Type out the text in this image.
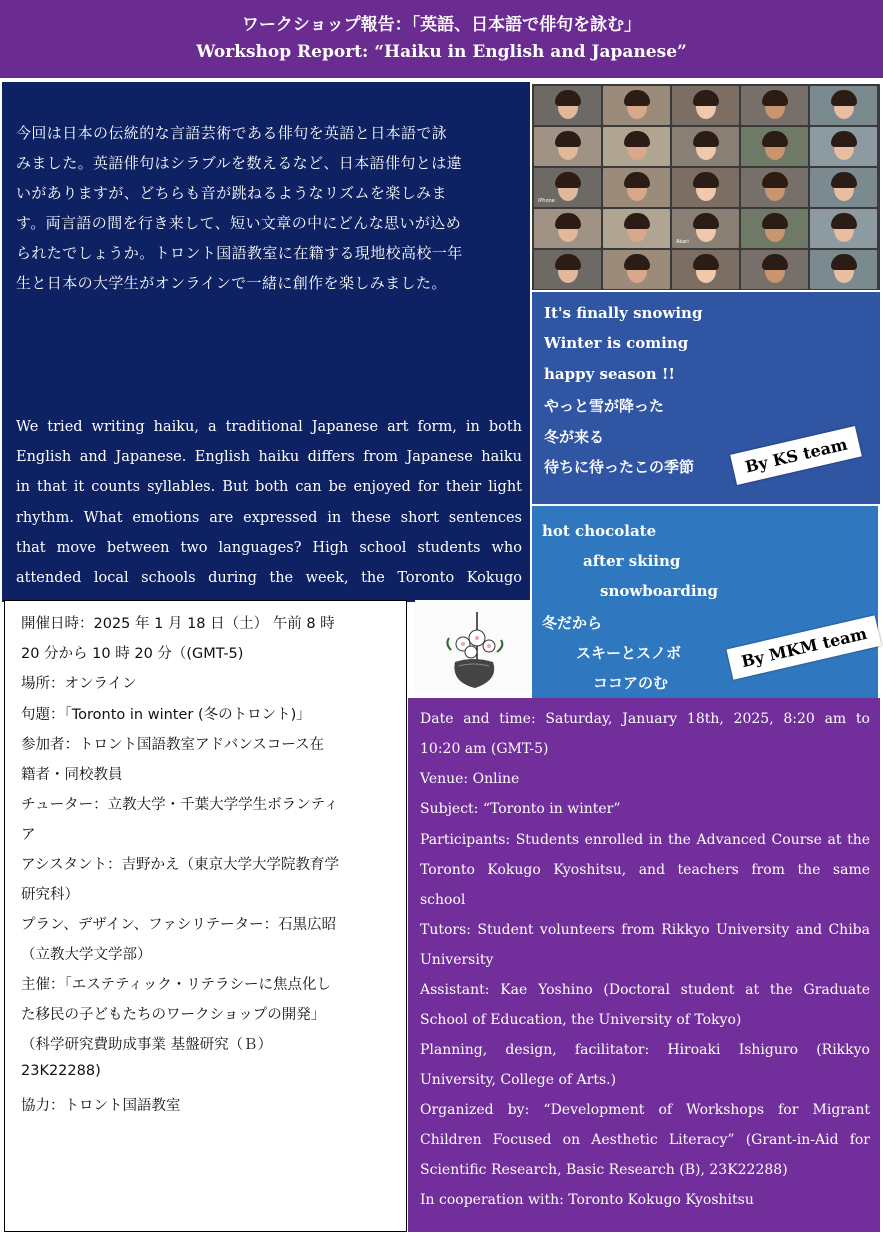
ワークショップ報告：「英語、日本語で俳句を詠む」
Workshop Report: “Haiku in English and Japanese”
今回は日本の伝統的な言語芸術である俳句を英語と日本語で詠
みました。英語俳句はシラブルを数えるなど、日本語俳句とは違
いがありますが、どちらも音が跳ねるようなリズムを楽しみま
す。両言語の間を行き来して、短い文章の中にどんな思いが込め
られたでしょうか。トロント国語教室に在籍する現地校高校一年
生と日本の大学生がオンラインで一緒に創作を楽しみました。
We tried writing haiku, a traditional Japanese art form, in both
English and Japanese. English haiku differs from Japanese haiku
in that it counts syllables. But both can be enjoyed for their light
rhythm. What emotions are expressed in these short sentences
that move between two languages? High school students who
attended local schools during the week, the Toronto Kokugo
Japanese
iPhone
Akari
It's finally snowing
Winter is coming
happy season !!
やっと雪が降った
冬が来る
待ちに待ったこの季節	By KS team
hot chocolate
after skiing
snowboarding
冬だから
スキーとスノボ
ココアのむ
By MKM team
開催日時：2025 年 1 月 18 日（土） 午前 8 時
20 分から 10 時 20 分（(GMT-5)
場所：オンライン
句題：「Toronto in winter (冬のトロント)」
参加者：トロント国語教室アドバンスコース在
籍者・同校教員
チューター：立教大学・千葉大学学生ボランティ
ア
アシスタント：吉野かえ（東京大学大学院教育学
研究科）
プラン、デザイン、ファシリテーター：石黒広昭
（立教大学文学部）
主催：「エステティック・リテラシーに焦点化し
た移民の子どもたちのワークショップの開発」
（科学研究費助成事業 基盤研究（Ｂ）
23K22288)
協力：トロント国語教室
Date and time: Saturday, January 18th, 2025, 8:20 am to
10:20 am (GMT-5)
Venue: Online
Subject: “Toronto in winter”
Participants: Students enrolled in the Advanced Course at the
Toronto Kokugo Kyoshitsu, and teachers from the same
school
Tutors: Student volunteers from Rikkyo University and Chiba
University
Assistant: Kae Yoshino (Doctoral student at the Graduate
School of Education, the University of Tokyo)
Planning, design, facilitator: Hiroaki Ishiguro (Rikkyo
University, College of Arts.)
Organized by: “Development of Workshops for Migrant
Children Focused on Aesthetic Literacy” (Grant-in-Aid for
Scientific Research, Basic Research (B), 23K22288)
In cooperation with: Toronto Kokugo Kyoshitsu
